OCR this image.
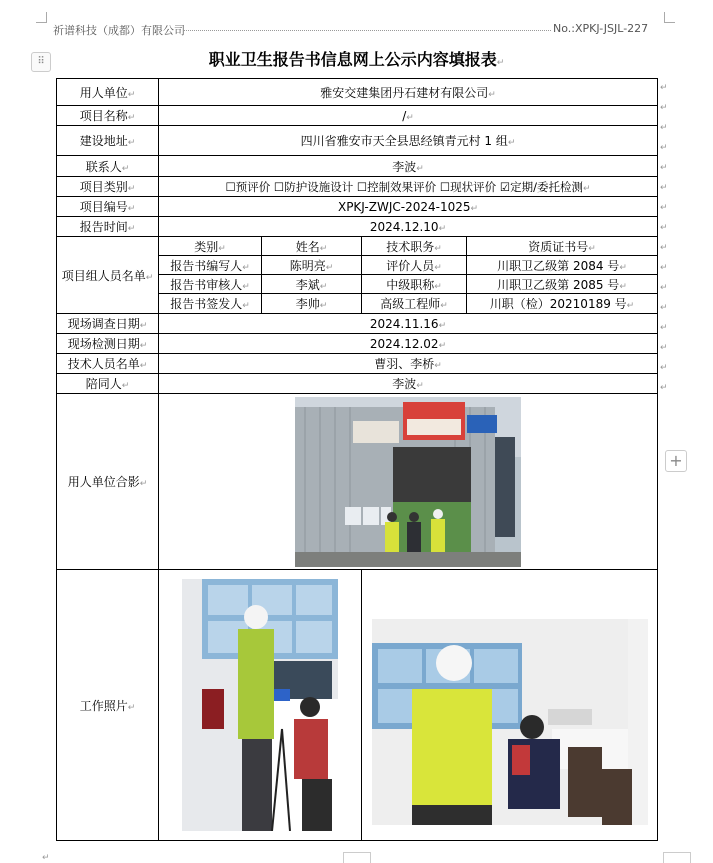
祈谱科技（成都）有限公司	No.:XPKJ-JSJL-227
⠿
+
职业卫生报告书信息网上公示内容填报表↵
用人单位↵	雅安交建集团丹石建材有限公司↵			
项目名称↵	/↵			
建设地址↵	四川省雅安市天全县思经镇青元村 1 组↵			
联系人↵	李波↵			
项目类别↵	☐预评价 ☐防护设施设计 ☐控制效果评价 ☐现状评价 ☑定期/委托检测↵			
项目编号↵	XPKJ-ZWJC-2024-1025↵			
报告时间↵	2024.12.10↵			
项目组人员名单↵	类别↵	姓名↵	技术职务↵	资质证书号↵
	报告书编写人↵	陈明亮↵	评价人员↵	川职卫乙级第 2084 号↵
	报告书审核人↵	李斌↵	中级职称↵	川职卫乙级第 2085 号↵
	报告书签发人↵	李帅↵	高级工程师↵	川职（检）20210189 号↵
现场调查日期↵	2024.11.16↵			
现场检测日期↵	2024.12.02↵			
技术人员名单↵	曹羽、李桥↵			
陪同人↵	李波↵			
用人单位合影↵	

工作照片↵	

↵
↵
↵
↵
↵
↵
↵
↵
↵
↵
↵
↵
↵
↵
↵
↵
↵
